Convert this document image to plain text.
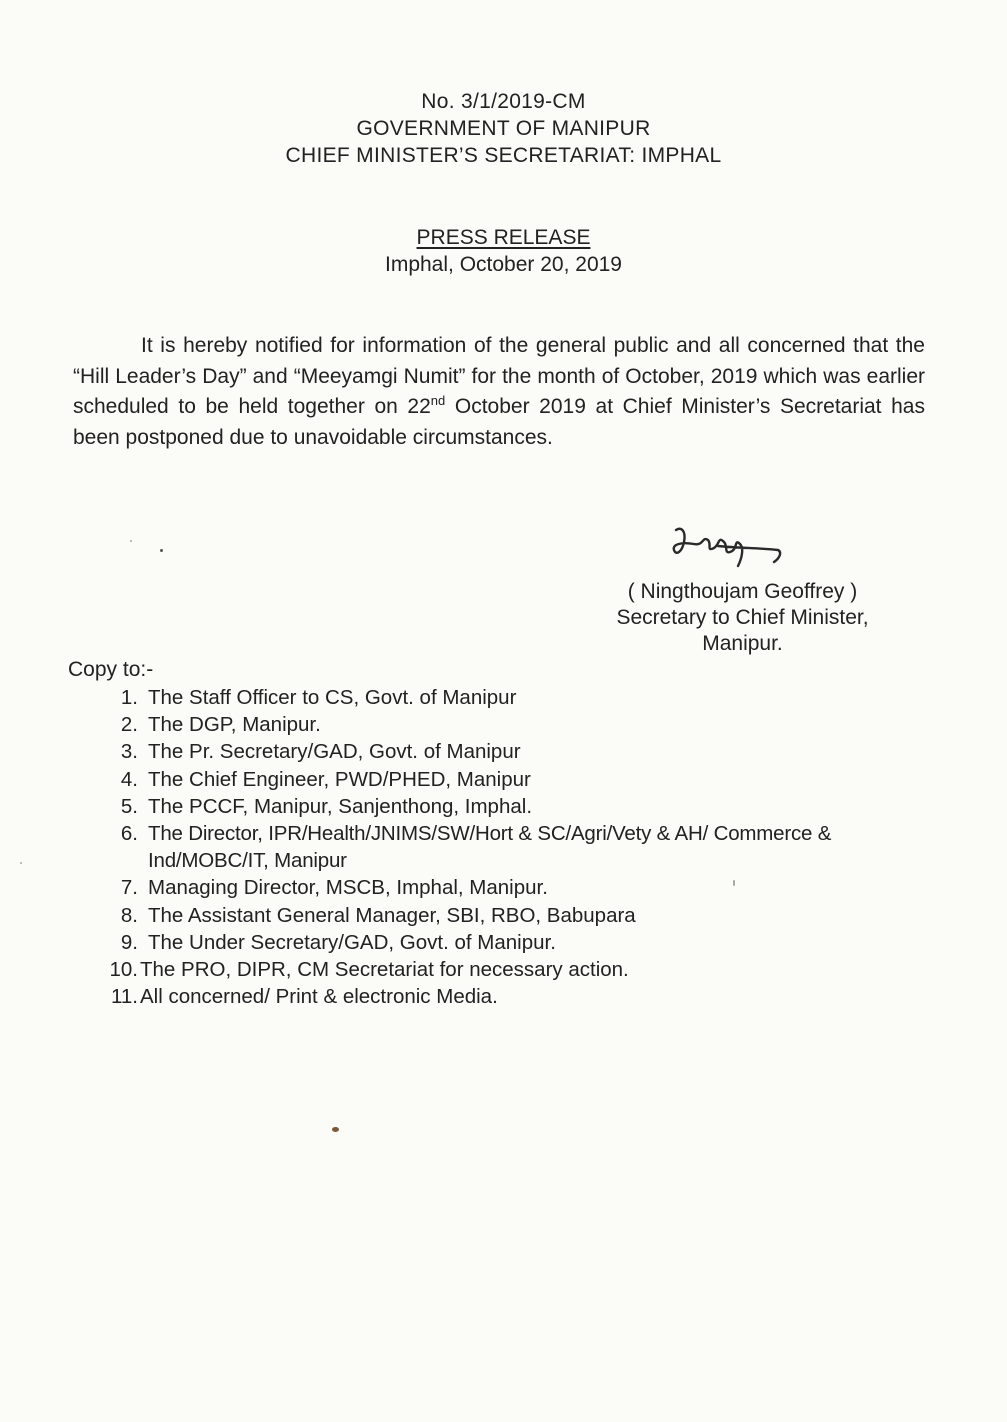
No. 3/1/2019-CM
GOVERNMENT OF MANIPUR
CHIEF MINISTER’S SECRETARIAT: IMPHAL
PRESS RELEASE
Imphal, October 20, 2019
It is hereby notified for information of the general public and all concerned that the “Hill Leader’s Day” and “Meeyamgi Numit” for the month of October, 2019 which was earlier scheduled to be held together on 22nd October 2019 at Chief Minister’s Secretariat has been postponed due to unavoidable circumstances.
( Ningthoujam Geoffrey )
Secretary to Chief Minister,
Manipur.
Copy to:-
1. The Staff Officer to CS, Govt. of Manipur
2. The DGP, Manipur.
3. The Pr. Secretary/GAD, Govt. of Manipur
4. The Chief Engineer, PWD/PHED, Manipur
5. The PCCF, Manipur, Sanjenthong, Imphal.
6. The Director, IPR/Health/JNIMS/SW/Hort & SC/Agri/Vety & AH/ Commerce & Ind/MOBC/IT, Manipur
7. Managing Director, MSCB, Imphal, Manipur.
8. The Assistant General Manager, SBI, RBO, Babupara
9. The Under Secretary/GAD, Govt. of Manipur.
10. The PRO, DIPR, CM Secretariat for necessary action.
11. All concerned/ Print & electronic Media.
